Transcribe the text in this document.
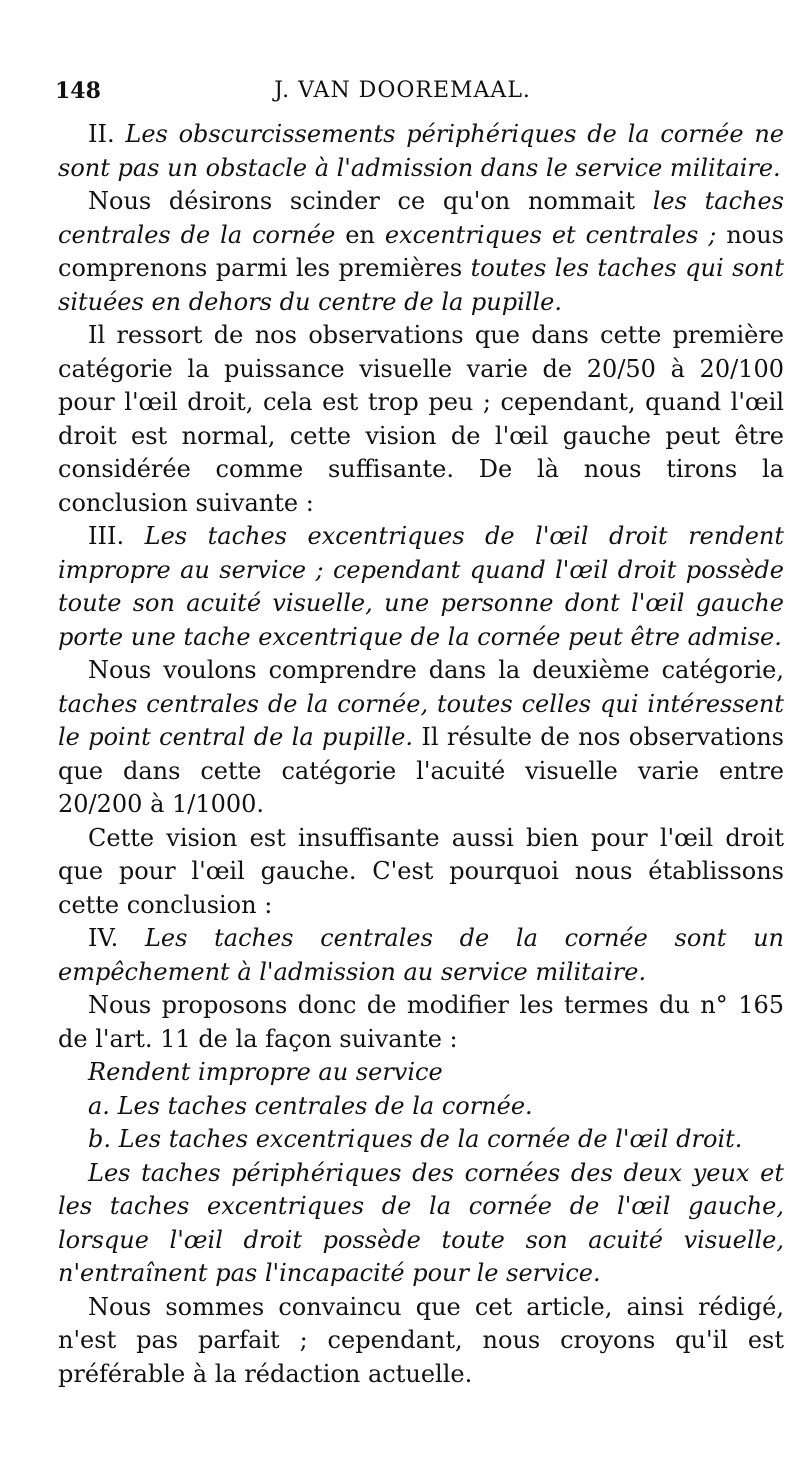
148	J. VAN DOOREMAAL.

II. Les obscurcissements périphériques de la cornée ne sont pas un obstacle à l'admission dans le service militaire.

Nous désirons scinder ce qu'on nommait les taches centrales de la cornée en excentriques et centrales ; nous comprenons parmi les premières toutes les taches qui sont situées en dehors du centre de la pupille.

Il ressort de nos observations que dans cette première catégorie la puissance visuelle varie de 20/50 à 20/100 pour l'œil droit, cela est trop peu ; cependant, quand l'œil droit est normal, cette vision de l'œil gauche peut être considérée comme suffisante. De là nous tirons la conclusion suivante :

III. Les taches excentriques de l'œil droit rendent impropre au service ; cependant quand l'œil droit possède toute son acuité visuelle, une personne dont l'œil gauche porte une tache excentrique de la cornée peut être admise.

Nous voulons comprendre dans la deuxième catégorie, taches centrales de la cornée, toutes celles qui intéressent le point central de la pupille. Il résulte de nos observations que dans cette catégorie l'acuité visuelle varie entre 20/200 à 1/1000.

Cette vision est insuffisante aussi bien pour l'œil droit que pour l'œil gauche. C'est pourquoi nous établissons cette conclusion :

IV. Les taches centrales de la cornée sont un empêchement à l'admission au service militaire.

Nous proposons donc de modifier les termes du n° 165 de l'art. 11 de la façon suivante :

Rendent impropre au service

a. Les taches centrales de la cornée.

b. Les taches excentriques de la cornée de l'œil droit.

Les taches périphériques des cornées des deux yeux et les taches excentriques de la cornée de l'œil gauche, lorsque l'œil droit possède toute son acuité visuelle, n'entraînent pas l'incapacité pour le service.

Nous sommes convaincu que cet article, ainsi rédigé, n'est pas parfait ; cependant, nous croyons qu'il est préférable à la rédaction actuelle.
